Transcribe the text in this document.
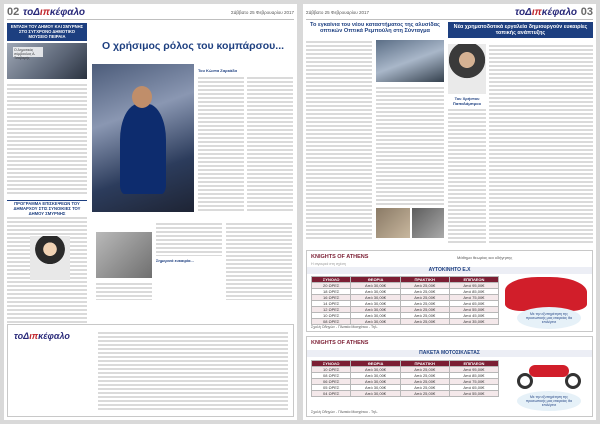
02 τοΔιπκέφαλο	Σάββατο 25 Φεβρουαρίου 2017
ΕΝΤΑΣΗ ΤΟΥ ΔΗΜΟΥ ΚΑΙ ΣΜΥΡΝΗΣ ΣΤΟ ΣΥΓΧΡΟΝΟ ΔΗΜΟΤΙΚΟ ΜΟΥΣΕΙΟ ΠΕΙΡΑΙΑ
Ο Δημοτικός σύμβουλος Α. Τσαβαρής
Ο χρήσιμος ρόλος του κομπάρσου...
Του Κώστα Ζαρκάδα
Σημερινά ευκαιρία...
ΠΡΟΓΡΑΜΜΑ ΕΠΙΣΚΕΨΕΩΝ ΤΟΥ ΔΗΜΑΡΧΟΥ ΣΤΙΣ ΣΥΝΟΙΚΙΕΣ ΤΟΥ ΔΗΜΟΥ ΣΜΥΡΝΗΣ
τοΔιπκέφαλο
Σάββατο 25 Φεβρουαρίου 2017	τοΔιπκέφαλο 03
Το εγκαίνια του νέου καταστήματος της αλυσίδας οπτικών Οπτικά Ρεμπούλη στη Σύνταγμα
Νέα χρηματοδοτικά εργαλεία δημιουργούν ευκαιρίες τοπικής ανάπτυξης
Του Χρήστου Παπαλάμπρου
KNIGHTS OF ATHENS	Μάθημα θεωρίας και οδήγησης
Η σιγουριά στη σχέση
ΑΥΤΟΚΙΝΗΤΟ Ε.Χ
ΣΥΝΟΛΟ	ΘΕΩΡΙΑ	ΠΡΑΚΤΙΚΗ	ΕΠΙΠΛΕΟΝ
20 ΩΡΕΣ	Από 30,00€	Από 25,00€	Από 95,00€
18 ΩΡΕΣ	Από 30,00€	Από 25,00€	Από 85,00€
16 ΩΡΕΣ	Από 30,00€	Από 25,00€	Από 75,00€
14 ΩΡΕΣ	Από 30,00€	Από 25,00€	Από 65,00€
12 ΩΡΕΣ	Από 30,00€	Από 25,00€	Από 55,00€
10 ΩΡΕΣ	Από 30,00€	Από 25,00€	Από 45,00€
08 ΩΡΕΣ	Από 30,00€	Από 25,00€	Από 35,00€
Με την εξυπηρέτηση της προσωπικής μας εταιρείας θα επιλέγετε
Σχολή Οδηγών - Πλατεία Μοσχάτου - Τηλ.
KNIGHTS OF ATHENS
ΠΑΚΕΤΑ ΜΟΤΟΣΙΚΛΕΤΑΣ
ΣΥΝΟΛΟ	ΘΕΩΡΙΑ	ΠΡΑΚΤΙΚΗ	ΕΠΙΠΛΕΟΝ
10 ΩΡΕΣ	Από 30,00€	Από 25,00€	Από 95,00€
08 ΩΡΕΣ	Από 30,00€	Από 25,00€	Από 85,00€
06 ΩΡΕΣ	Από 30,00€	Από 25,00€	Από 75,00€
05 ΩΡΕΣ	Από 30,00€	Από 25,00€	Από 65,00€
04 ΩΡΕΣ	Από 30,00€	Από 25,00€	Από 55,00€
Με την εξυπηρέτηση της προσωπικής μας εταιρείας θα επιλέγετε
Σχολή Οδηγών - Πλατεία Μοσχάτου - Τηλ.
